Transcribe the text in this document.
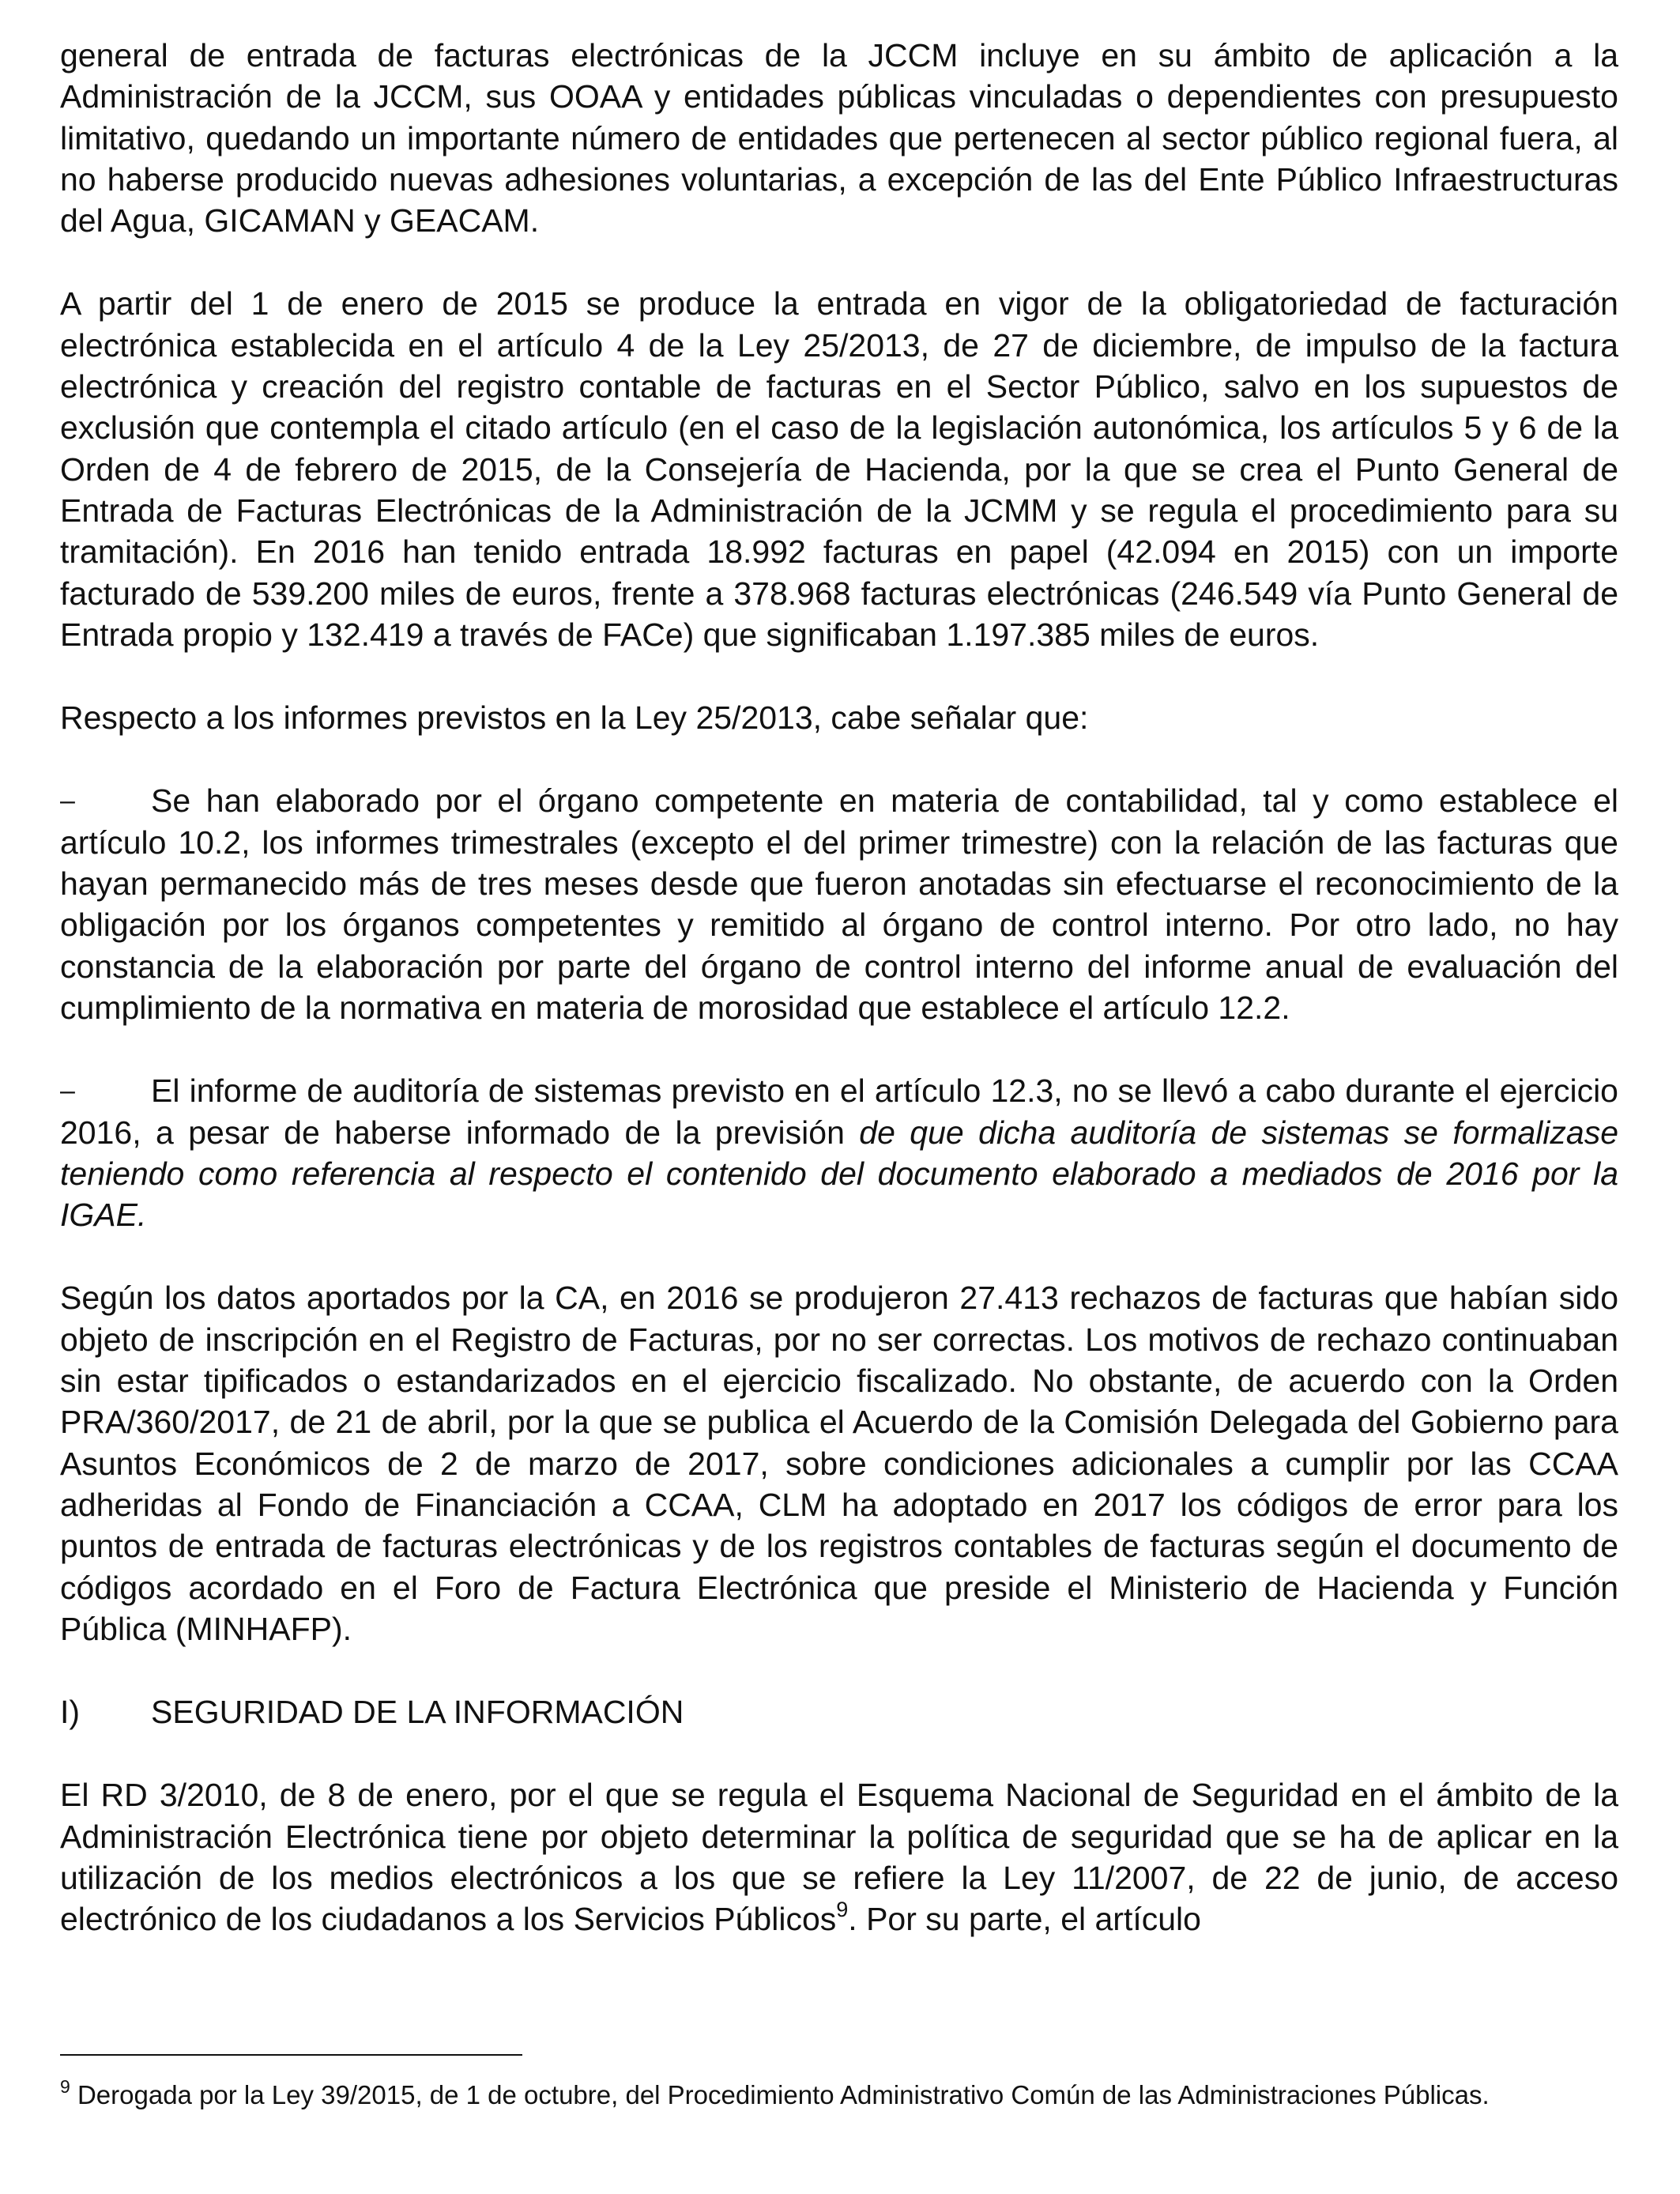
general de entrada de facturas electrónicas de la JCCM incluye en su ámbito de aplicación a la Administración de la JCCM, sus OOAA y entidades públicas vinculadas o dependientes con presupuesto limitativo, quedando un importante número de entidades que pertenecen al sector público regional fuera, al no haberse producido nuevas adhesiones voluntarias, a excepción de las del Ente Público Infraestructuras del Agua, GICAMAN y GEACAM.

A partir del 1 de enero de 2015 se produce la entrada en vigor de la obligatoriedad de facturación electrónica establecida en el artículo 4 de la Ley 25/2013, de 27 de diciembre, de impulso de la factura electrónica y creación del registro contable de facturas en el Sector Público, salvo en los supuestos de exclusión que contempla el citado artículo (en el caso de la legislación autonómica, los artículos 5 y 6 de la Orden de 4 de febrero de 2015, de la Consejería de Hacienda, por la que se crea el Punto General de Entrada de Facturas Electrónicas de la Administración de la JCMM y se regula el procedimiento para su tramitación). En 2016 han tenido entrada 18.992 facturas en papel (42.094 en 2015) con un importe facturado de 539.200 miles de euros, frente a 378.968 facturas electrónicas (246.549 vía Punto General de Entrada propio y 132.419 a través de FACe) que significaban 1.197.385 miles de euros.

Respecto a los informes previstos en la Ley 25/2013, cabe señalar que:

– Se han elaborado por el órgano competente en materia de contabilidad, tal y como establece el artículo 10.2, los informes trimestrales (excepto el del primer trimestre) con la relación de las facturas que hayan permanecido más de tres meses desde que fueron anotadas sin efectuarse el reconocimiento de la obligación por los órganos competentes y remitido al órgano de control interno. Por otro lado, no hay constancia de la elaboración por parte del órgano de control interno del informe anual de evaluación del cumplimiento de la normativa en materia de morosidad que establece el artículo 12.2.

– El informe de auditoría de sistemas previsto en el artículo 12.3, no se llevó a cabo durante el ejercicio 2016, a pesar de haberse informado de la previsión de que dicha auditoría de sistemas se formalizase teniendo como referencia al respecto el contenido del documento elaborado a mediados de 2016 por la IGAE.

Según los datos aportados por la CA, en 2016 se produjeron 27.413 rechazos de facturas que habían sido objeto de inscripción en el Registro de Facturas, por no ser correctas. Los motivos de rechazo continuaban sin estar tipificados o estandarizados en el ejercicio fiscalizado. No obstante, de acuerdo con la Orden PRA/360/2017, de 21 de abril, por la que se publica el Acuerdo de la Comisión Delegada del Gobierno para Asuntos Económicos de 2 de marzo de 2017, sobre condiciones adicionales a cumplir por las CCAA adheridas al Fondo de Financiación a CCAA, CLM ha adoptado en 2017 los códigos de error para los puntos de entrada de facturas electrónicas y de los registros contables de facturas según el documento de códigos acordado en el Foro de Factura Electrónica que preside el Ministerio de Hacienda y Función Pública (MINHAFP).

I)	SEGURIDAD DE LA INFORMACIÓN

El RD 3/2010, de 8 de enero, por el que se regula el Esquema Nacional de Seguridad en el ámbito de la Administración Electrónica tiene por objeto determinar la política de seguridad que se ha de aplicar en la utilización de los medios electrónicos a los que se refiere la Ley 11/2007, de 22 de junio, de acceso electrónico de los ciudadanos a los Servicios Públicos$^9$. Por su parte, el artículo

$^9$ Derogada por la Ley 39/2015, de 1 de octubre, del Procedimiento Administrativo Común de las Administraciones Públicas.
